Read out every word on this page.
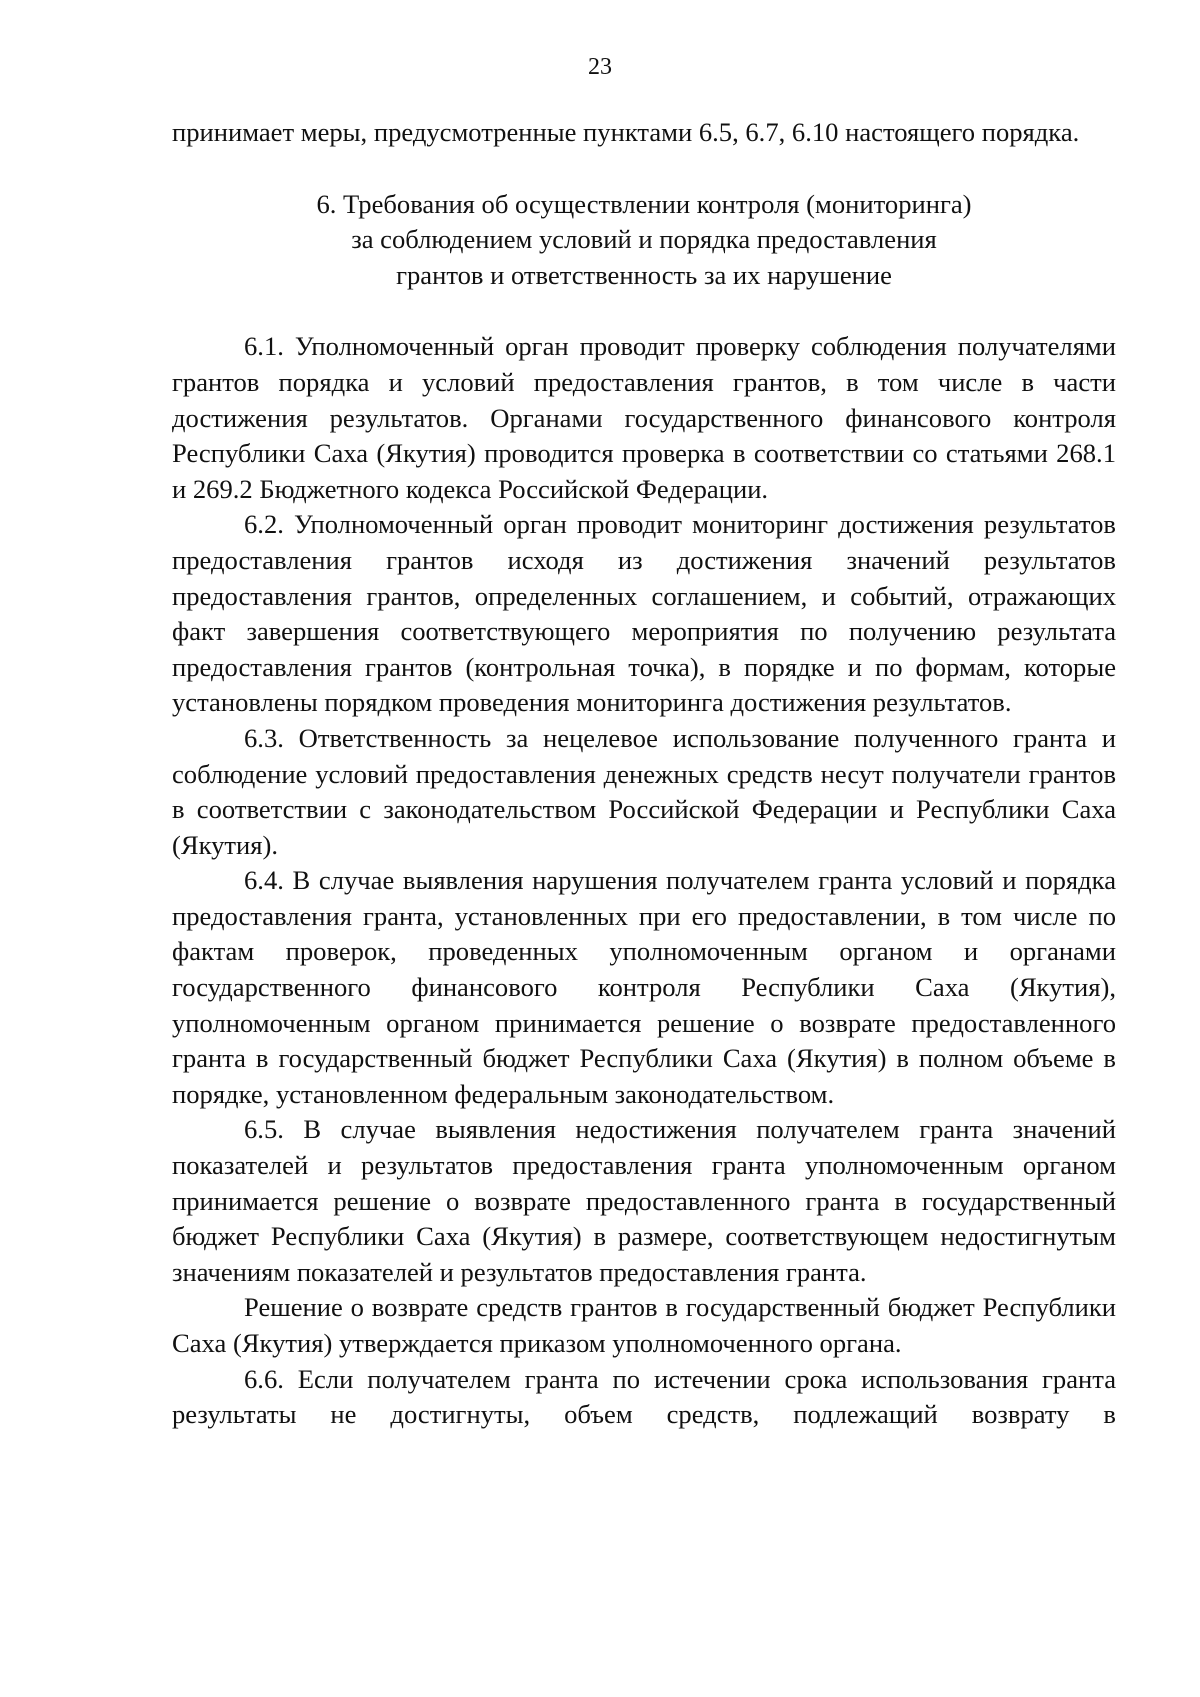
23

принимает меры, предусмотренные пунктами 6.5, 6.7, 6.10 настоящего порядка.

6. Требования об осуществлении контроля (мониторинга)
за соблюдением условий и порядка предоставления
грантов и ответственность за их нарушение

6.1. Уполномоченный орган проводит проверку соблюдения получателями грантов порядка и условий предоставления грантов, в том числе в части достижения результатов. Органами государственного финансового контроля Республики Саха (Якутия) проводится проверка в соответствии со статьями 268.1 и 269.2 Бюджетного кодекса Российской Федерации.

6.2. Уполномоченный орган проводит мониторинг достижения результатов предоставления грантов исходя из достижения значений результатов предоставления грантов, определенных соглашением, и событий, отражающих факт завершения соответствующего мероприятия по получению результата предоставления грантов (контрольная точка), в порядке и по формам, которые установлены порядком проведения мониторинга достижения результатов.

6.3. Ответственность за нецелевое использование полученного гранта и соблюдение условий предоставления денежных средств несут получатели грантов в соответствии с законодательством Российской Федерации и Республики Саха (Якутия).

6.4. В случае выявления нарушения получателем гранта условий и порядка предоставления гранта, установленных при его предоставлении, в том числе по фактам проверок, проведенных уполномоченным органом и органами государственного финансового контроля Республики Саха (Якутия), уполномоченным органом принимается решение о возврате предоставленного гранта в государственный бюджет Республики Саха (Якутия) в полном объеме в порядке, установленном федеральным законодательством.

6.5. В случае выявления недостижения получателем гранта значений показателей и результатов предоставления гранта уполномоченным органом принимается решение о возврате предоставленного гранта в государственный бюджет Республики Саха (Якутия) в размере, соответствующем недостигнутым значениям показателей и результатов предоставления гранта.

Решение о возврате средств грантов в государственный бюджет Республики Саха (Якутия) утверждается приказом уполномоченного органа.

6.6. Если получателем гранта по истечении срока использования гранта результаты не достигнуты, объем средств, подлежащий возврату в
